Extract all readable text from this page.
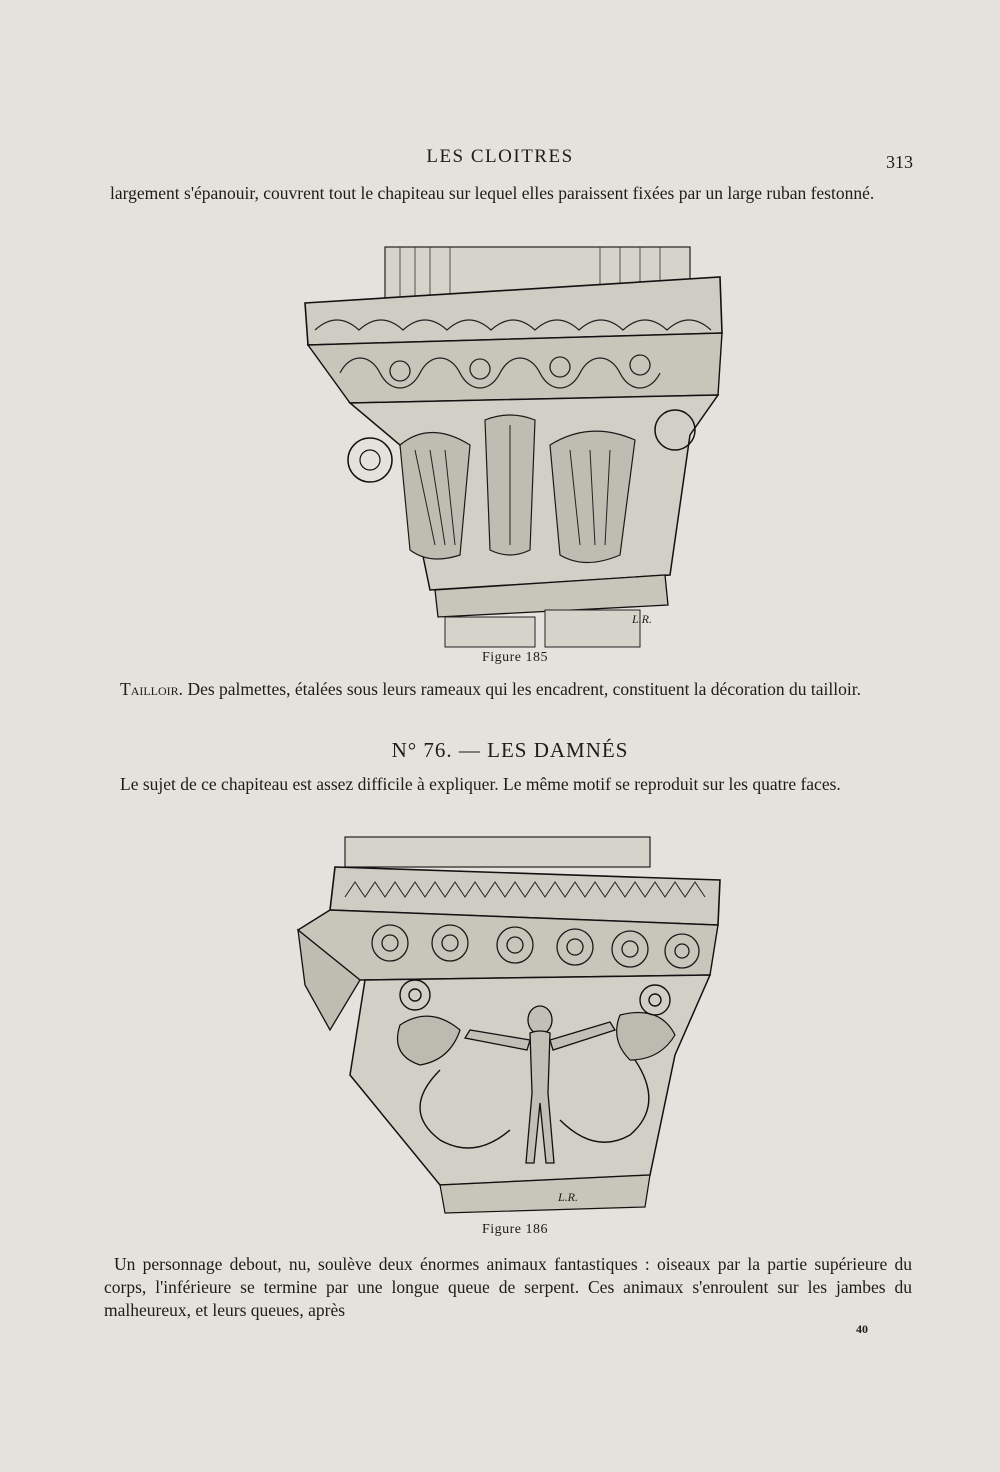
LES CLOITRES	313

largement s'épanouir, couvrent tout le chapiteau sur lequel elles paraissent fixées par un large ruban festonné.

L.R.
Figure 185

Tailloir. Des palmettes, étalées sous leurs rameaux qui les encadrent, constituent la décoration du tailloir.

N° 76. — LES DAMNÉS

Le sujet de ce chapiteau est assez difficile à expliquer. Le même motif se reproduit sur les quatre faces.

L.R.
Figure 186

Un personnage debout, nu, soulève deux énormes animaux fantastiques : oiseaux par la partie supérieure du corps, l'inférieure se termine par une longue queue de serpent. Ces animaux s'enroulent sur les jambes du malheureux, et leurs queues, après

40
